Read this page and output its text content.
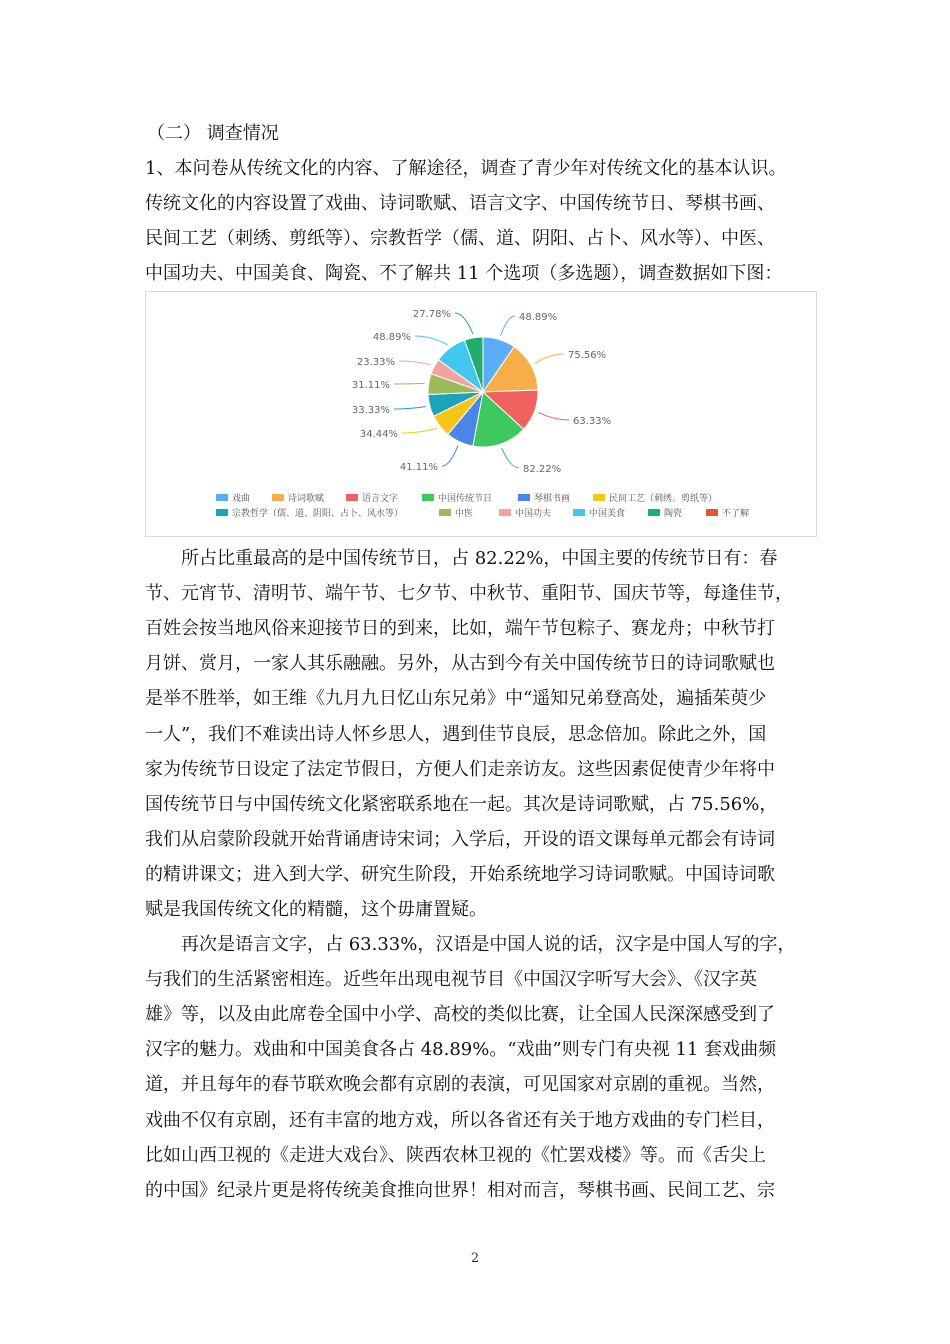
（二） 调查情况
1、本问卷从传统文化的内容、了解途径，调查了青少年对传统文化的基本认识。
传统文化的内容设置了戏曲、诗词歌赋、语言文字、中国传统节日、琴棋书画、
民间工艺（刺绣、剪纸等）、宗教哲学（儒、道、阴阳、占卜、风水等）、中医、
中国功夫、中国美食、陶瓷、不了解共 11 个选项（多选题），调查数据如下图：
48.89%
75.56%
63.33%
82.22%
41.11%
34.44%
33.33%
31.11%
23.33%
48.89%
27.78%
戏曲	诗词歌赋	语言文字	中国传统节日	琴棋书画	民间工艺（刺绣、剪纸等）
宗教哲学（儒、道、阴阳、占卜、风水等）	中医	中国功夫	中国美食	陶瓷	不了解
　　所占比重最高的是中国传统节日，占 82.22%，中国主要的传统节日有：春
节、元宵节、清明节、端午节、七夕节、中秋节、重阳节、国庆节等，每逢佳节，
百姓会按当地风俗来迎接节日的到来，比如，端午节包粽子、赛龙舟；中秋节打
月饼、赏月，一家人其乐融融。另外，从古到今有关中国传统节日的诗词歌赋也
是举不胜举，如王维《九月九日忆山东兄弟》中“遥知兄弟登高处，遍插茱萸少
一人”，我们不难读出诗人怀乡思人，遇到佳节良辰，思念倍加。除此之外，国
家为传统节日设定了法定节假日，方便人们走亲访友。这些因素促使青少年将中
国传统节日与中国传统文化紧密联系地在一起。其次是诗词歌赋，占 75.56%，
我们从启蒙阶段就开始背诵唐诗宋词；入学后，开设的语文课每单元都会有诗词
的精讲课文；进入到大学、研究生阶段，开始系统地学习诗词歌赋。中国诗词歌
赋是我国传统文化的精髓，这个毋庸置疑。
　　再次是语言文字，占 63.33%，汉语是中国人说的话，汉字是中国人写的字，
与我们的生活紧密相连。近些年出现电视节目《中国汉字听写大会》、《汉字英
雄》等，以及由此席卷全国中小学、高校的类似比赛，让全国人民深深感受到了
汉字的魅力。戏曲和中国美食各占 48.89%。“戏曲”则专门有央视 11 套戏曲频
道，并且每年的春节联欢晚会都有京剧的表演，可见国家对京剧的重视。当然，
戏曲不仅有京剧，还有丰富的地方戏，所以各省还有关于地方戏曲的专门栏目，
比如山西卫视的《走进大戏台》、陕西农林卫视的《忙罢戏楼》等。而《舌尖上
的中国》纪录片更是将传统美食推向世界！相对而言，琴棋书画、民间工艺、宗
2
